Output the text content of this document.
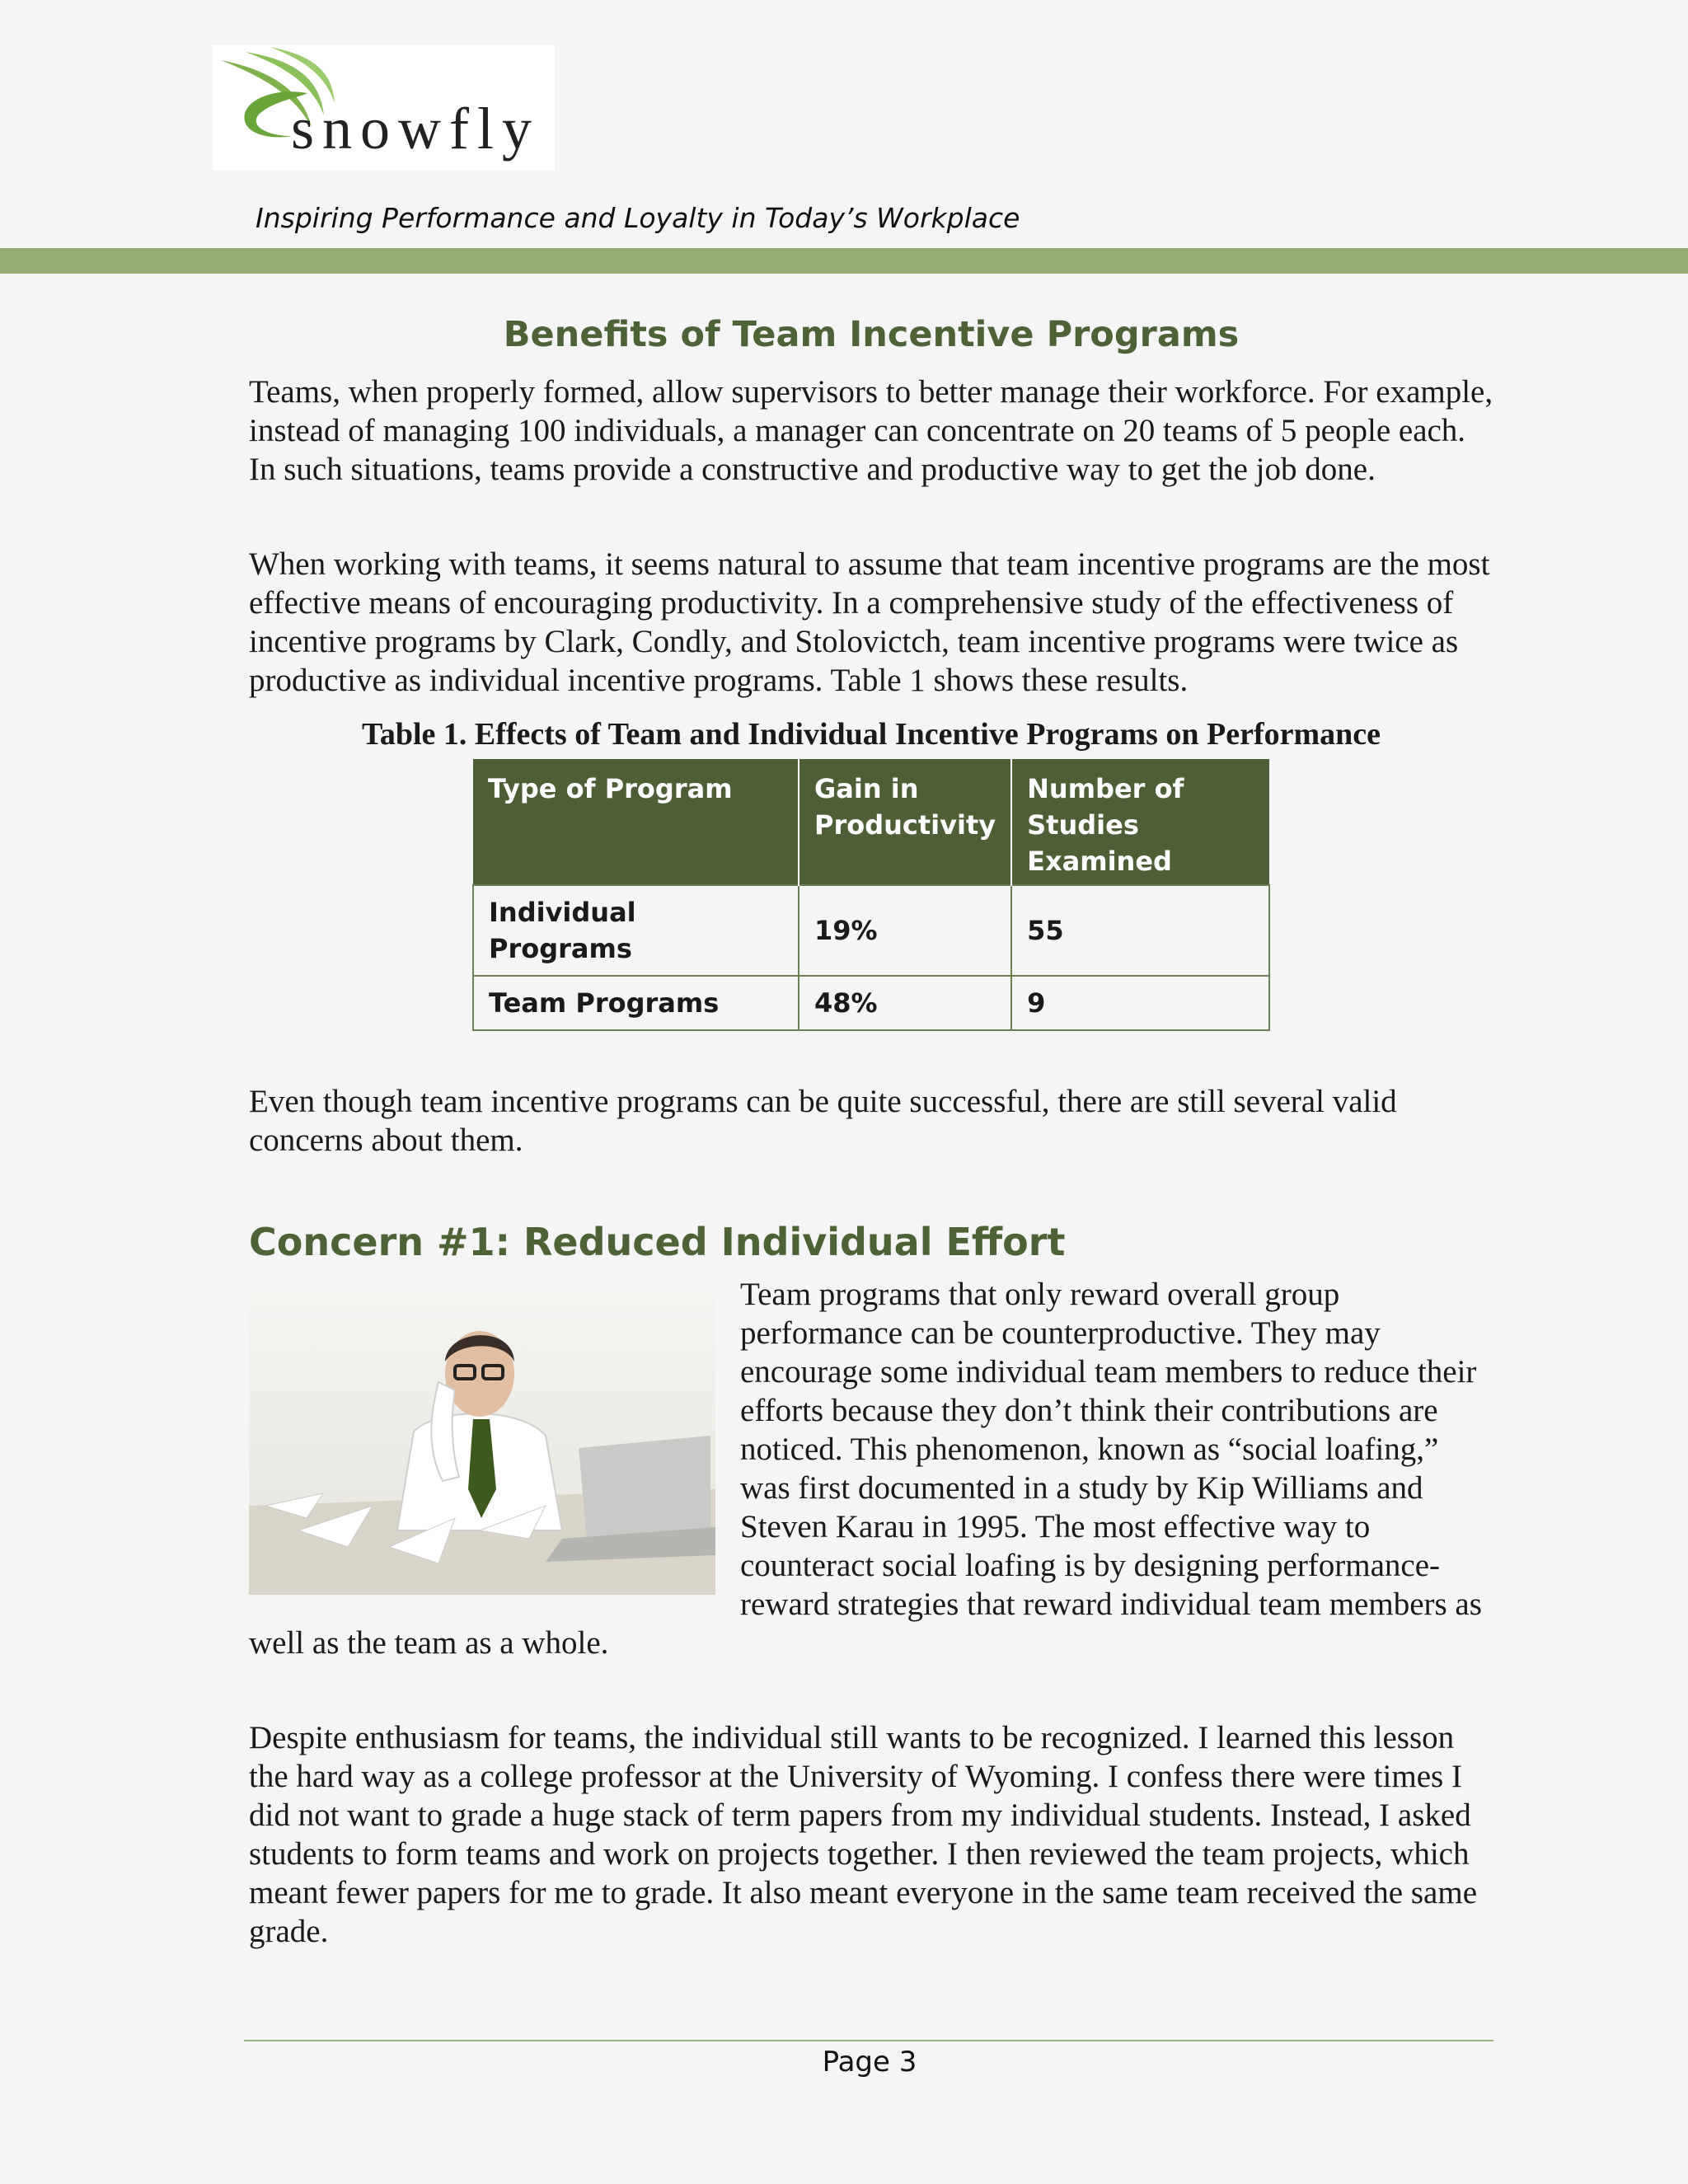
snowfly
Inspiring Performance and Loyalty in Today’s Workplace
Benefits of Team Incentive Programs

Teams, when properly formed, allow supervisors to better manage their workforce. For example, instead of managing 100 individuals, a manager can concentrate on 20 teams of 5 people each. In such situations, teams provide a constructive and productive way to get the job done.

When working with teams, it seems natural to assume that team incentive programs are the most effective means of encouraging productivity. In a comprehensive study of the effectiveness of incentive programs by Clark, Condly, and Stolovictch, team incentive programs were twice as productive as individual incentive programs. Table 1 shows these results.

Table 1. Effects of Team and Individual Incentive Programs on Performance
Type of Program	Gain in Productivity	Number of Studies Examined
Individual Programs	19%	55
Team Programs	48%	9

Even though team incentive programs can be quite successful, there are still several valid concerns about them.

Concern #1: Reduced Individual Effort

Team programs that only reward overall group performance can be counterproductive. They may encourage some individual team members to reduce their efforts because they don’t think their contributions are noticed. This phenomenon, known as “social loafing,” was first documented in a study by Kip Williams and Steven Karau in 1995. The most effective way to counteract social loafing is by designing performance-reward strategies that reward individual team members as well as the team as a whole.

Despite enthusiasm for teams, the individual still wants to be recognized. I learned this lesson the hard way as a college professor at the University of Wyoming. I confess there were times I did not want to grade a huge stack of term papers from my individual students. Instead, I asked students to form teams and work on projects together. I then reviewed the team projects, which meant fewer papers for me to grade. It also meant everyone in the same team received the same grade.

Page 3
